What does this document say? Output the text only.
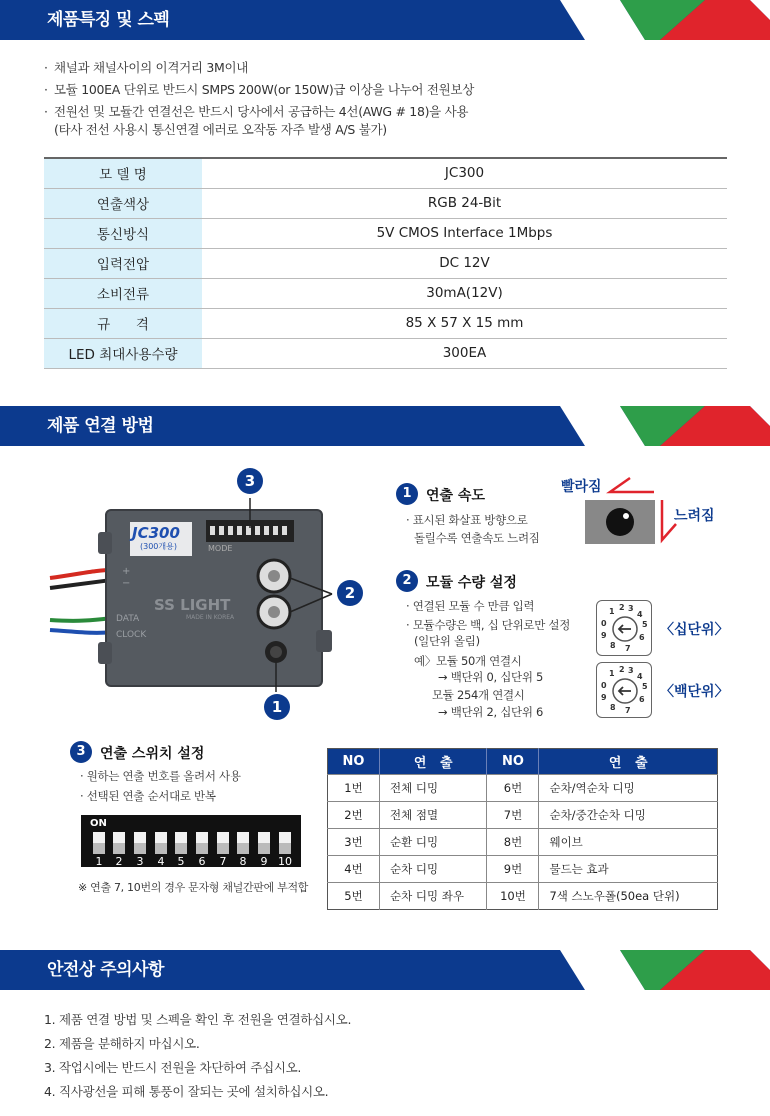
제품특징 및 스펙
· 채널과 채널사이의 이격거리 3M이내
· 모듈 100EA 단위로 반드시 SMPS 200W(or 150W)급 이상을 나누어 전원보상
· 전원선 및 모듈간 연결선은 반드시 당사에서 공급하는 4선(AWG # 18)을 사용
(타사 전선 사용시 통신연결 에러로 오작동 자주 발생 A/S 불가)
모 델 명	JC300
연출색상	RGB 24-Bit
통신방식	5V CMOS Interface 1Mbps
입력전압	DC 12V
소비전류	30mA(12V)
규      격	85 X 57 X 15 mm
LED 최대사용수량	300EA
제품 연결 방법
JC300
(300개용)	MODE
SS LIGHT
MADE IN KOREA
+
−
DATA
CLOCK
3
2
1
1	연출 속도
· 표시된 화살표 방향으로
돌릴수록 연출속도 느려짐
빨라짐
느려짐
2	모듈 수량 설정
· 연결된 모듈 수 만큼 입력
· 모듈수량은 백, 십 단위로만 설정
(일단위 올림)
예〉모듈 50개 연결시
→ 백단위 0, 십단위 5
모듈 254개 연결시
→ 백단위 2, 십단위 6
2 3
4
5
1
0
9
8 7
6 〈십단위〉
2 3
4
5
1
0
9
8 7
6 〈백단위〉
3	연출 스위치 설정
· 원하는 연출 번호를 올려서 사용
· 선택된 연출 순서대로 반복
ON
1	2	3	4	5	6	7	8	9 10
※ 연출 7, 10번의 경우 문자형 채널간판에 부적합
NO	연   출	NO	연   출
1번	전체 디밍	6번	순차/역순차 디밍
2번	전체 점멸	7번	순차/중간순차 디밍
3번	순환 디밍	8번	웨이브
4번	순차 디밍	9번	물드는 효과
5번	순차 디밍 좌우	10번	7색 스노우폴(50ea 단위)
안전상 주의사항
1. 제품 연결 방법 및 스펙을 확인 후 전원을 연결하십시오.
2. 제품을 분해하지 마십시오.
3. 작업시에는 반드시 전원을 차단하여 주십시오.
4. 직사광선을 피해 통풍이 잘되는 곳에 설치하십시오.
